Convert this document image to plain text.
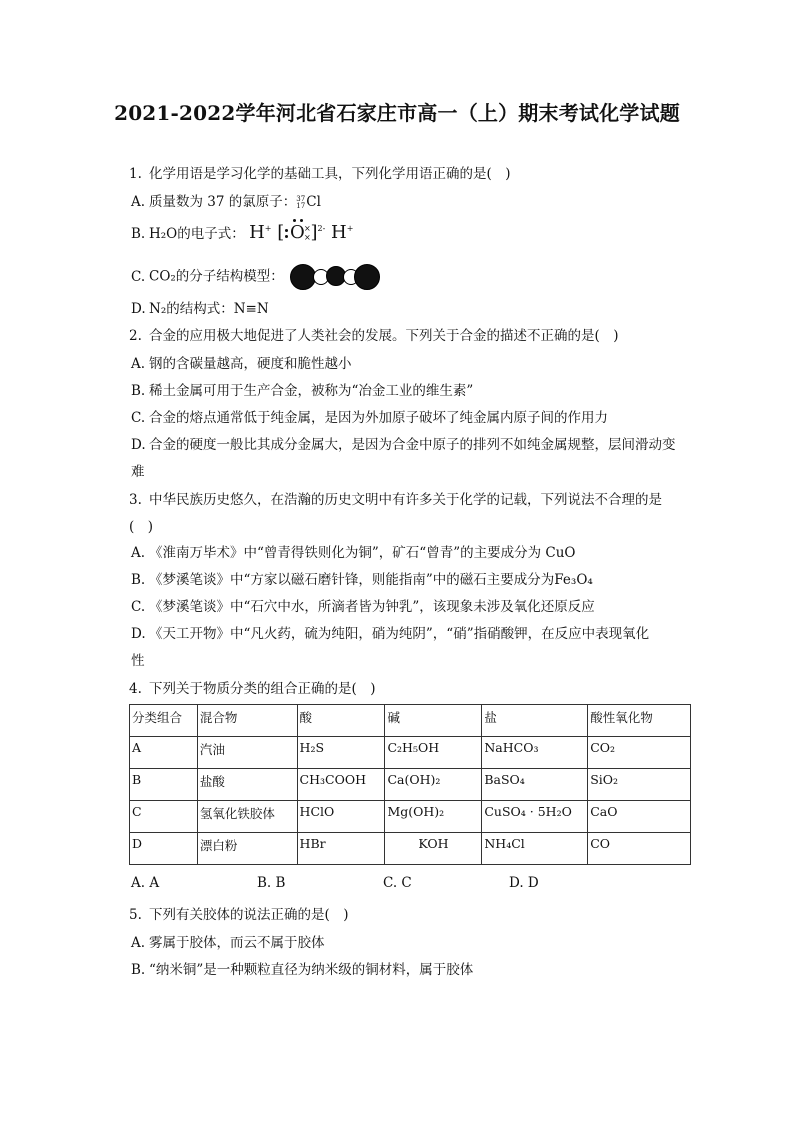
2021-2022学年河北省石家庄市高一（上）期末考试化学试题
1. 化学用语是学习化学的基础工具，下列化学用语正确的是(　)
A. 质量数为 37 的氯原子： 37
17 Cl
B. H₂O的电子式： H+ [ ×
×
O ]$^{2-}$ H+
C. CO₂的分子结构模型：
D. N₂的结构式：N≡N
2. 合金的应用极大地促进了人类社会的发展。下列关于合金的描述不正确的是(　)
A. 钢的含碳量越高，硬度和脆性越小
B. 稀土金属可用于生产合金，被称为“冶金工业的维生素”
C. 合金的熔点通常低于纯金属，是因为外加原子破坏了纯金属内原子间的作用力
D. 合金的硬度一般比其成分金属大，是因为合金中原子的排列不如纯金属规整，层间滑动变
难
3. 中华民族历史悠久，在浩瀚的历史文明中有许多关于化学的记载，下列说法不合理的是
(　)
A. 《淮南万毕术》中“曾青得铁则化为铜”，矿石“曾青”的主要成分为 CuO
B. 《梦溪笔谈》中“方家以磁石磨针锋，则能指南”中的磁石主要成分为Fe₃O₄
C. 《梦溪笔谈》中“石穴中水，所滴者皆为钟乳”，该现象未涉及氧化还原反应
D. 《天工开物》中“凡火药，硫为纯阳，硝为纯阴”，“硝”指硝酸钾，在反应中表现氧化
性
4. 下列关于物质分类的组合正确的是(　)
分类组合	混合物	酸	碱	盐	酸性氧化物
A	汽油	H₂S	C₂H₅OH	NaHCO₃	CO₂
B	盐酸	CH₃COOH	Ca(OH)₂	BaSO₄	SiO₂
C	氢氧化铁胶体	HClO	Mg(OH)₂	CuSO₄ · 5H₂O	CaO
D	漂白粉	HBr	KOH	NH₄Cl	CO
A. A	B. B	C. C	D. D
5. 下列有关胶体的说法正确的是(　)
A. 雾属于胶体，而云不属于胶体
B. “纳米铜”是一种颗粒直径为纳米级的铜材料，属于胶体
